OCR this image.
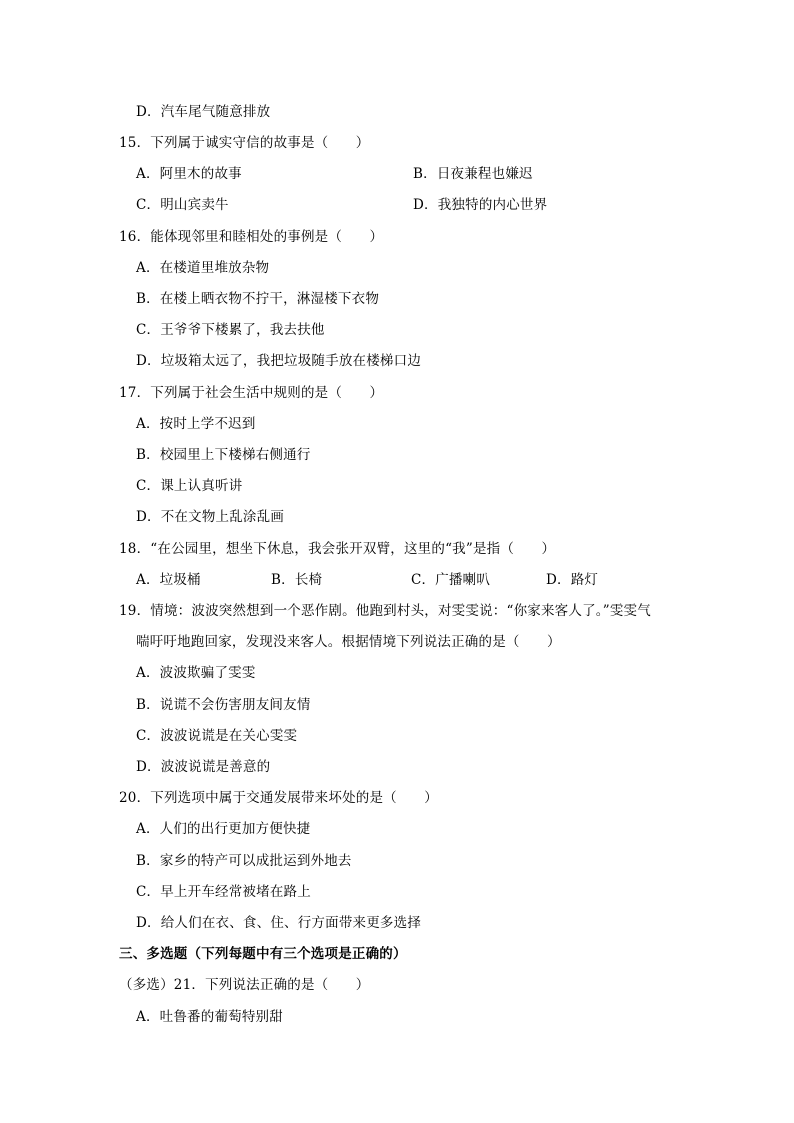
D．汽车尾气随意排放
15．下列属于诚实守信的故事是（　　）
A．阿里木的故事	B．日夜兼程也嫌迟
C．明山宾卖牛	D．我独特的内心世界
16．能体现邻里和睦相处的事例是（　　）
A．在楼道里堆放杂物
B．在楼上晒衣物不拧干，淋湿楼下衣物
C．王爷爷下楼累了，我去扶他
D．垃圾箱太远了，我把垃圾随手放在楼梯口边
17．下列属于社会生活中规则的是（　　）
A．按时上学不迟到
B．校园里上下楼梯右侧通行
C．课上认真听讲
D．不在文物上乱涂乱画
18．“在公园里，想坐下休息，我会张开双臂，这里的“我”是指（　　）
A．垃圾桶	B．长椅	C．广播喇叭	D．路灯
19．情境：波波突然想到一个恶作剧。他跑到村头，对雯雯说：“你家来客人了。”雯雯气
喘吁吁地跑回家，发现没来客人。根据情境下列说法正确的是（　　）
A．波波欺骗了雯雯
B．说谎不会伤害朋友间友情
C．波波说谎是在关心雯雯
D．波波说谎是善意的
20．下列选项中属于交通发展带来坏处的是（　　）
A．人们的出行更加方便快捷
B．家乡的特产可以成批运到外地去
C．早上开车经常被堵在路上
D．给人们在衣、食、住、行方面带来更多选择
三、多选题（下列每题中有三个选项是正确的）
（多选）21．下列说法正确的是（　　）
A．吐鲁番的葡萄特别甜
